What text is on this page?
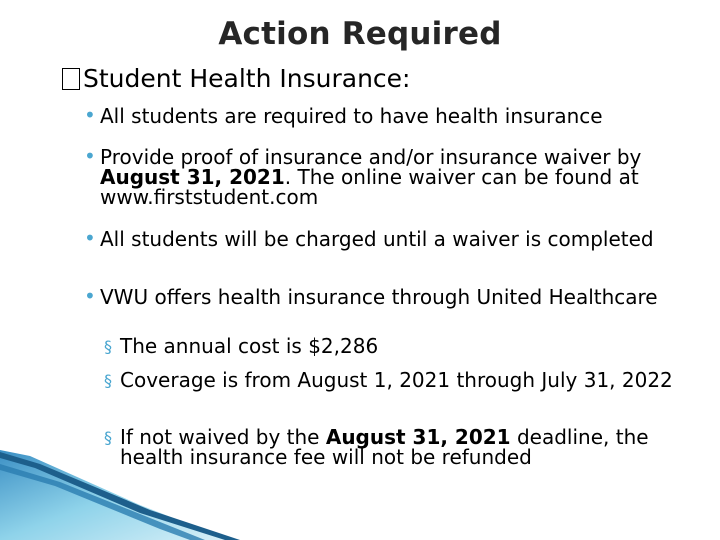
Action Required
Student Health Insurance:
• All students are required to have health insurance
• Provide proof of insurance and/or insurance waiver by August 31, 2021. The online waiver can be found at www.firststudent.com
• All students will be charged until a waiver is completed
• VWU offers health insurance through United Healthcare
§ The annual cost is $2,286
§ Coverage is from August 1, 2021 through July 31, 2022
§ If not waived by the August 31, 2021 deadline, the health insurance fee will not be refunded
